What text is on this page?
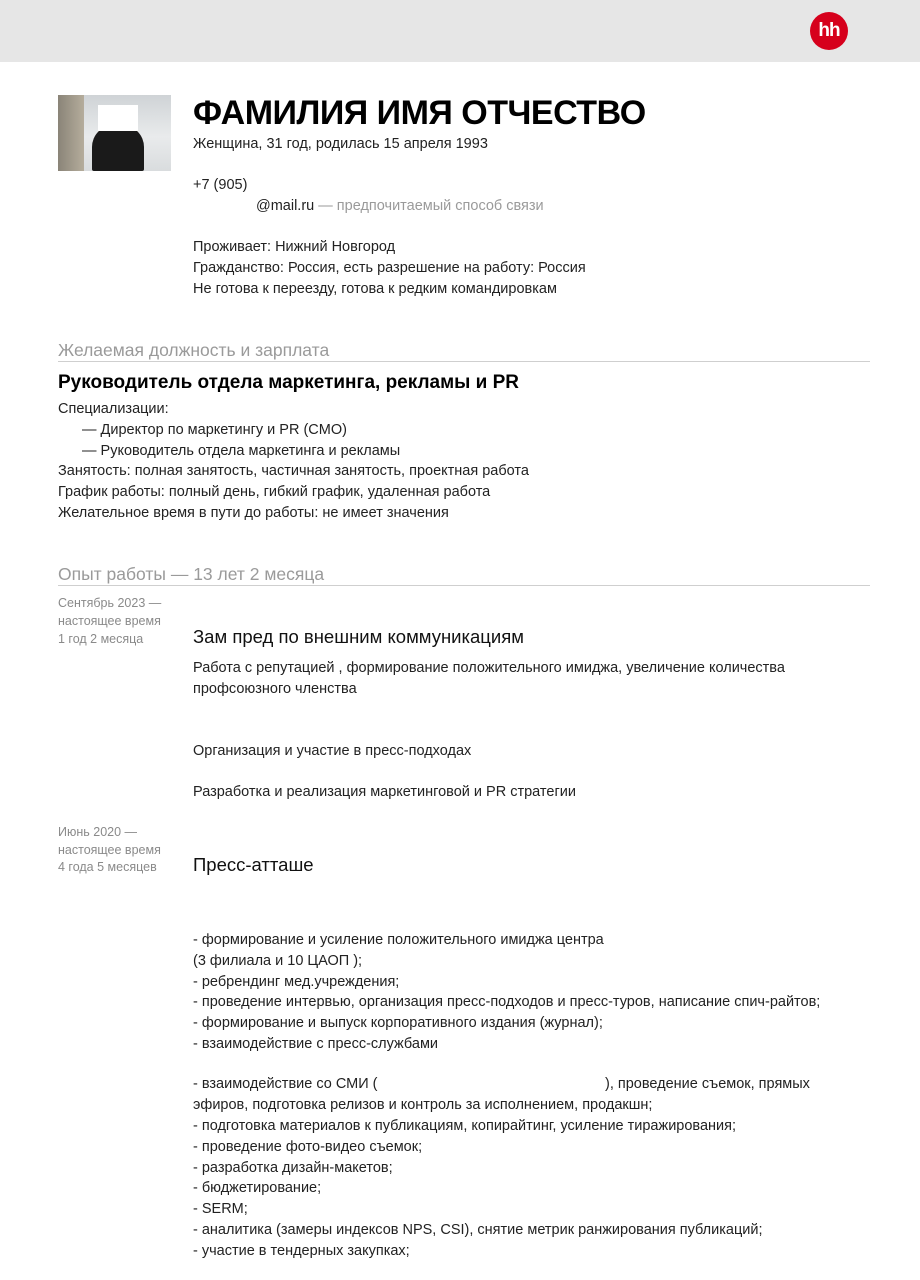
hh
ФАМИЛИЯ ИМЯ ОТЧЕСТВО
Женщина, 31 год, родилась 15 апреля 1993
+7 (905)
@mail.ru — предпочитаемый способ связи
Проживает: Нижний Новгород
Гражданство: Россия, есть разрешение на работу: Россия
Не готова к переезду, готова к редким командировкам
Желаемая должность и зарплата
Руководитель отдела маркетинга, рекламы и PR
Специализации:
— Директор по маркетингу и PR (CMO)
— Руководитель отдела маркетинга и рекламы
Занятость: полная занятость, частичная занятость, проектная работа
График работы: полный день, гибкий график, удаленная работа
Желательное время в пути до работы: не имеет значения
Опыт работы — 13 лет 2 месяца
Сентябрь 2023 —
настоящее время
1 год 2 месяца	Зам пред по внешним коммуникациям
Работа с репутацией , формирование положительного имиджа, увеличение количества
профсоюзного членства
Организация и участие в пресс-подходах
Разработка и реализация маркетинговой и PR стратегии
Июнь 2020 —
настоящее время
4 года 5 месяцев Пресс-атташе
- формирование и усиление положительного имиджа центра
(3 филиала и 10 ЦАОП );
- ребрендинг мед.учреждения;
- проведение интервью, организация пресс-подходов и пресс-туров, написание спич-райтов;
- формирование и выпуск корпоративного издания (журнал);
- взаимодействие с пресс-службами
- взаимодействие со СМИ (	), проведение съемок, прямых
эфиров, подготовка релизов и контроль за исполнением, продакшн;
- подготовка материалов к публикациям, копирайтинг, усиление тиражирования;
- проведение фото-видео съемок;
- разработка дизайн-макетов;
- бюджетирование;
- SERM;
- аналитика (замеры индексов NPS, CSI), снятие метрик ранжирования публикаций;
- участие в тендерных закупках;
